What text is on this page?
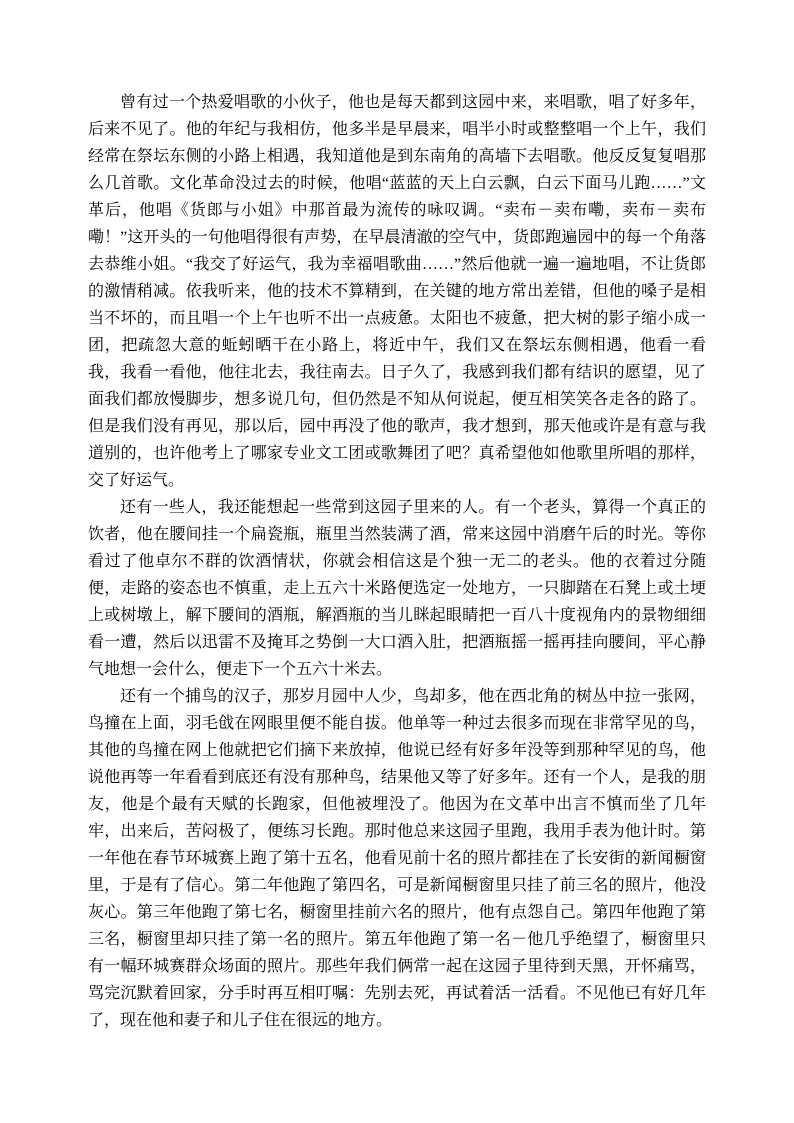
曾有过一个热爱唱歌的小伙子，他也是每天都到这园中来，来唱歌，唱了好多年，后来不见了。他的年纪与我相仿，他多半是早晨来，唱半小时或整整唱一个上午，我们经常在祭坛东侧的小路上相遇，我知道他是到东南角的高墙下去唱歌。他反反复复唱那么几首歌。文化革命没过去的时候，他唱“蓝蓝的天上白云飘，白云下面马儿跑……”文革后，他唱《货郎与小姐》中那首最为流传的咏叹调。“卖布－卖布嘞，卖布－卖布嘞！”这开头的一句他唱得很有声势，在早晨清澈的空气中，货郎跑遍园中的每一个角落去恭维小姐。“我交了好运气，我为幸福唱歌曲……”然后他就一遍一遍地唱，不让货郎的激情稍减。依我听来，他的技术不算精到，在关键的地方常出差错，但他的嗓子是相当不坏的，而且唱一个上午也听不出一点疲惫。太阳也不疲惫，把大树的影子缩小成一团，把疏忽大意的蚯蚓晒干在小路上，将近中午，我们又在祭坛东侧相遇，他看一看我，我看一看他，他往北去，我往南去。日子久了，我感到我们都有结识的愿望，见了面我们都放慢脚步，想多说几句，但仍然是不知从何说起，便互相笑笑各走各的路了。但是我们没有再见，那以后，园中再没了他的歌声，我才想到，那天他或许是有意与我道别的，也许他考上了哪家专业文工团或歌舞团了吧？真希望他如他歌里所唱的那样，交了好运气。

还有一些人，我还能想起一些常到这园子里来的人。有一个老头，算得一个真正的饮者，他在腰间挂一个扁瓷瓶，瓶里当然装满了酒，常来这园中消磨午后的时光。等你看过了他卓尔不群的饮酒情状，你就会相信这是个独一无二的老头。他的衣着过分随便，走路的姿态也不慎重，走上五六十米路便选定一处地方，一只脚踏在石凳上或土埂上或树墩上，解下腰间的酒瓶，解酒瓶的当儿眯起眼睛把一百八十度视角内的景物细细看一遭，然后以迅雷不及掩耳之势倒一大口酒入肚，把酒瓶摇一摇再挂向腰间，平心静气地想一会什么，便走下一个五六十米去。

还有一个捕鸟的汉子，那岁月园中人少，鸟却多，他在西北角的树丛中拉一张网，鸟撞在上面，羽毛戗在网眼里便不能自拔。他单等一种过去很多而现在非常罕见的鸟，其他的鸟撞在网上他就把它们摘下来放掉，他说已经有好多年没等到那种罕见的鸟，他说他再等一年看看到底还有没有那种鸟，结果他又等了好多年。还有一个人，是我的朋友，他是个最有天赋的长跑家，但他被埋没了。他因为在文革中出言不慎而坐了几年牢，出来后，苦闷极了，便练习长跑。那时他总来这园子里跑，我用手表为他计时。第一年他在春节环城赛上跑了第十五名，他看见前十名的照片都挂在了长安街的新闻橱窗里，于是有了信心。第二年他跑了第四名，可是新闻橱窗里只挂了前三名的照片，他没灰心。第三年他跑了第七名，橱窗里挂前六名的照片，他有点怨自己。第四年他跑了第三名，橱窗里却只挂了第一名的照片。第五年他跑了第一名－他几乎绝望了，橱窗里只有一幅环城赛群众场面的照片。那些年我们俩常一起在这园子里待到天黑，开怀痛骂，骂完沉默着回家，分手时再互相叮嘱：先别去死，再试着活一活看。不见他已有好几年了，现在他和妻子和儿子住在很远的地方。
